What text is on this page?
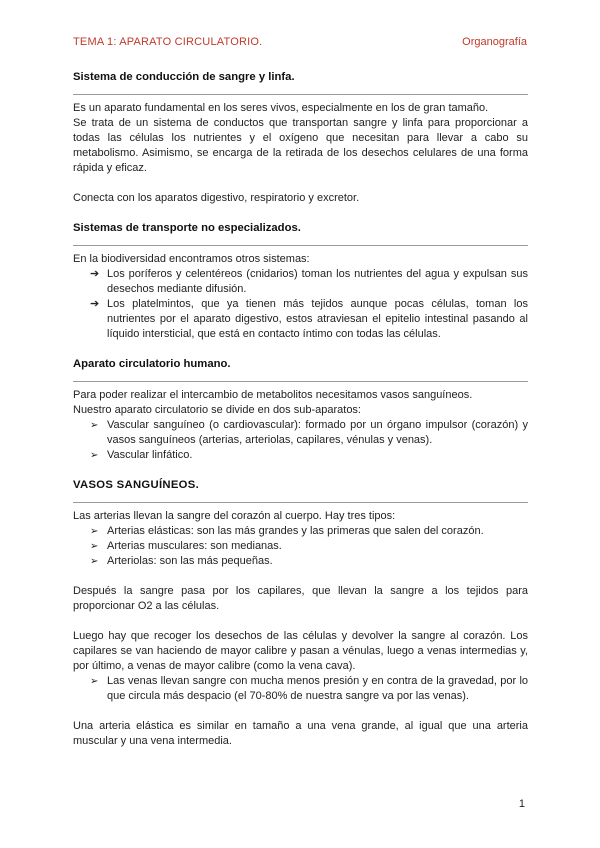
TEMA 1: APARATO CIRCULATORIO.	Organografía
Sistema de conducción de sangre y linfa.

Es un aparato fundamental en los seres vivos, especialmente en los de gran tamaño.

Se trata de un sistema de conductos que transportan sangre y linfa para proporcionar a todas las células los nutrientes y el oxígeno que necesitan para llevar a cabo su metabolismo. Asimismo, se encarga de la retirada de los desechos celulares de una forma rápida y eficaz.

Conecta con los aparatos digestivo, respiratorio y excretor.

Sistemas de transporte no especializados.

En la biodiversidad encontramos otros sistemas:

➔ Los poríferos y celentéreos (cnidarios) toman los nutrientes del agua y expulsan sus desechos mediante difusión.
➔ Los platelmintos, que ya tienen más tejidos aunque pocas células, toman los nutrientes por el aparato digestivo, estos atraviesan el epitelio intestinal pasando al líquido intersticial, que está en contacto íntimo con todas las células.
Aparato circulatorio humano.

Para poder realizar el intercambio de metabolitos necesitamos vasos sanguíneos.

Nuestro aparato circulatorio se divide en dos sub-aparatos:

➢ Vascular sanguíneo (o cardiovascular): formado por un órgano impulsor (corazón) y vasos sanguíneos (arterias, arteriolas, capilares, vénulas y venas).
➢ Vascular linfático.
VASOS SANGUÍNEOS.

Las arterias llevan la sangre del corazón al cuerpo. Hay tres tipos:

➢ Arterias elásticas: son las más grandes y las primeras que salen del corazón.
➢ Arterias musculares: son medianas.
➢ Arteriolas: son las más pequeñas.

Después la sangre pasa por los capilares, que llevan la sangre a los tejidos para proporcionar O2 a las células.

Luego hay que recoger los desechos de las células y devolver la sangre al corazón. Los capilares se van haciendo de mayor calibre y pasan a vénulas, luego a venas intermedias y, por último, a venas de mayor calibre (como la vena cava).

➢ Las venas llevan sangre con mucha menos presión y en contra de la gravedad, por lo que circula más despacio (el 70-80% de nuestra sangre va por las venas).

Una arteria elástica es similar en tamaño a una vena grande, al igual que una arteria muscular y una vena intermedia.

1
